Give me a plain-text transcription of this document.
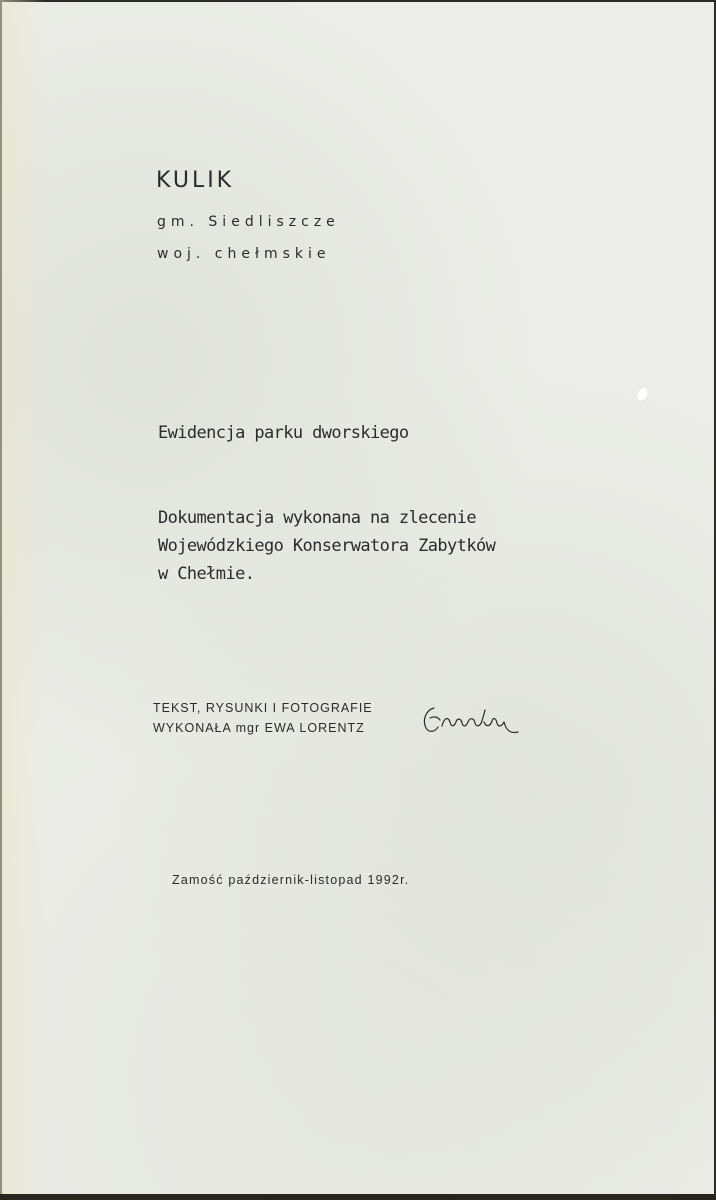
KULIK
gm. Siedliszcze
woj. chełmskie
Ewidencja parku dworskiego
Dokumentacja wykonana na zlecenie
Wojewódzkiego Konserwatora Zabytków
w Chełmie.
TEKST, RYSUNKI I FOTOGRAFIE
WYKONAŁA mgr EWA LORENTZ
Zamość październik-listopad 1992r.
